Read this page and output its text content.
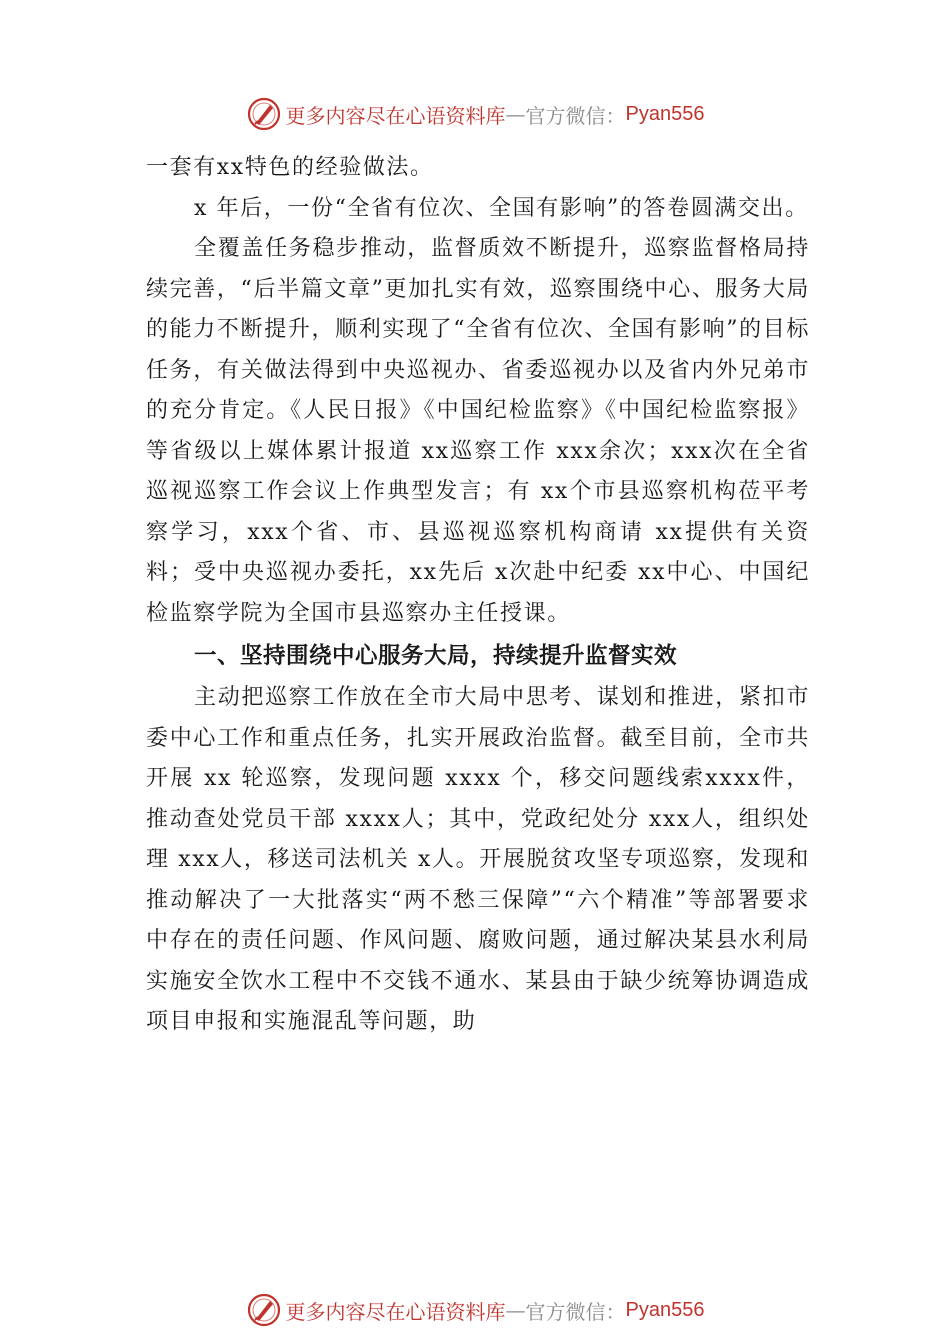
更多内容尽在心语资料库 — 官方微信： Pyan556

一套有xx特色的经验做法。

x 年后，一份“全省有位次、全国有影响”的答卷圆满交出。

全覆盖任务稳步推动，监督质效不断提升，巡察监督格局持续完善，“后半篇文章”更加扎实有效，巡察围绕中心、服务大局的能力不断提升，顺利实现了“全省有位次、全国有影响”的目标任务，有关做法得到中央巡视办、省委巡视办以及省内外兄弟市的充分肯定。《人民日报》《中国纪检监察》《中国纪检监察报》等省级以上媒体累计报道 xx巡察工作 xxx余次；xxx次在全省巡视巡察工作会议上作典型发言；有 xx个市县巡察机构莅平考察学习，xxx个省、市、县巡视巡察机构商请 xx提供有关资料；受中央巡视办委托，xx先后 x次赴中纪委 xx中心、中国纪检监察学院为全国市县巡察办主任授课。

一、坚持围绕中心服务大局，持续提升监督实效

主动把巡察工作放在全市大局中思考、谋划和推进，紧扣市委中心工作和重点任务，扎实开展政治监督。截至目前，全市共开展 xx 轮巡察，发现问题 xxxx 个，移交问题线索xxxx件，推动查处党员干部 xxxx人；其中，党政纪处分 xxx人，组织处理 xxx人，移送司法机关 x人。开展脱贫攻坚专项巡察，发现和推动解决了一大批落实“两不愁三保障”“六个精准”等部署要求中存在的责任问题、作风问题、腐败问题，通过解决某县水利局实施安全饮水工程中不交钱不通水、某县由于缺少统筹协调造成项目申报和实施混乱等问题，助

更多内容尽在心语资料库 — 官方微信： Pyan556
